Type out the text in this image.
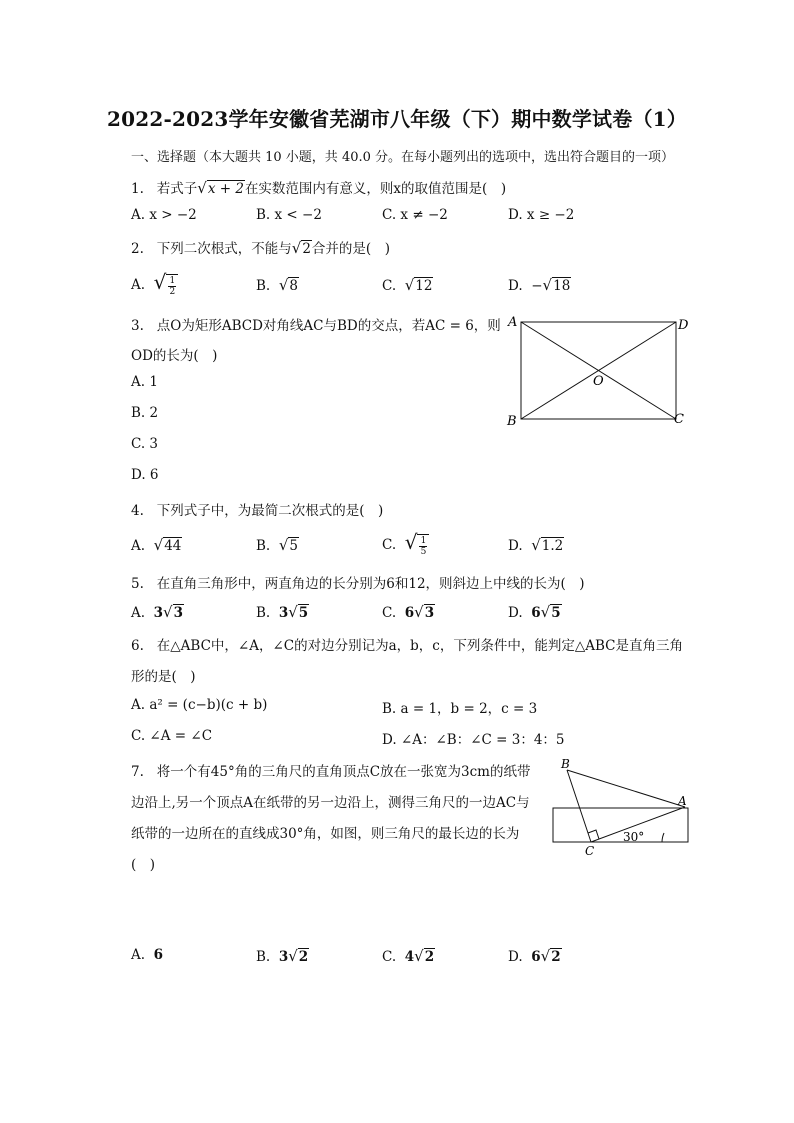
2022-2023学年安徽省芜湖市八年级（下）期中数学试卷（1）
一、选择题（本大题共 10 小题，共 40.0 分。在每小题列出的选项中，选出符合题目的一项）
1. 若式子√x + 2在实数范围内有意义，则x的取值范围是(　)
A. x > −2	B. x < −2	C. x ≠ −2	D. x ≥ −2
2. 下列二次根式，不能与√2合并的是(　)
A. √ $\frac{1}{2}$	B. √8	C. √12	D. −√18
3. 点O为矩形ABCD对角线AC与BD的交点，若AC = 6，则
OD的长为(　)
A. 1
B. 2
C. 3
D. 6
A	D
B	C
O
4. 下列式子中，为最简二次根式的是(　)
A. √44	B. √5	C. √ $\frac{1}{5}$	D. √1.2
5. 在直角三角形中，两直角边的长分别为6和12，则斜边上中线的长为(　)
A. 3√3	B. 3√5	C. 6√3	D. 6√5
6. 在△ABC中，∠A，∠C的对边分别记为a，b，c，下列条件中，能判定△ABC是直角三角
形的是(　)
A. a² = (c−b)(c + b)	B. a = 1，b = 2，c = 3
C. ∠A = ∠C	D. ∠A：∠B：∠C = 3：4：5
7. 将一个有45°角的三角尺的直角顶点C放在一张宽为3cm的纸带
边沿上,另一个顶点A在纸带的另一边沿上，测得三角尺的一边AC与
纸带的一边所在的直线成30°角，如图，则三角尺的最长边的长为
(　)
B
A
C
30°
A. 6	B. 3√2	C. 4√2	D. 6√2
